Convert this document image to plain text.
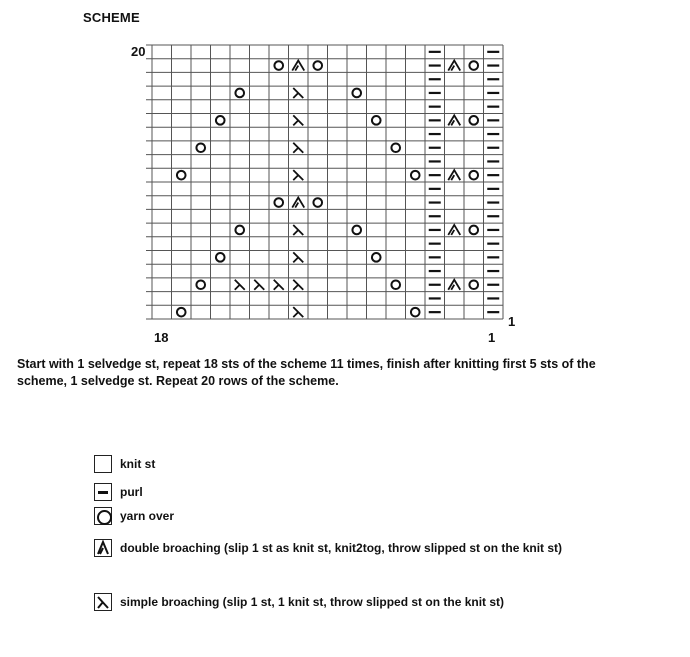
SCHEME
20
1
18	1
Start with 1 selvedge st, repeat 18 sts of the scheme 11 times, finish after knitting first 5 sts of the scheme, 1 selvedge st. Repeat 20 rows of the scheme.
knit st
purl
yarn over
double broaching (slip 1 st as knit st, knit2tog, throw slipped st on the knit st)
simple broaching (slip 1 st, 1 knit st, throw slipped st on the knit st)
